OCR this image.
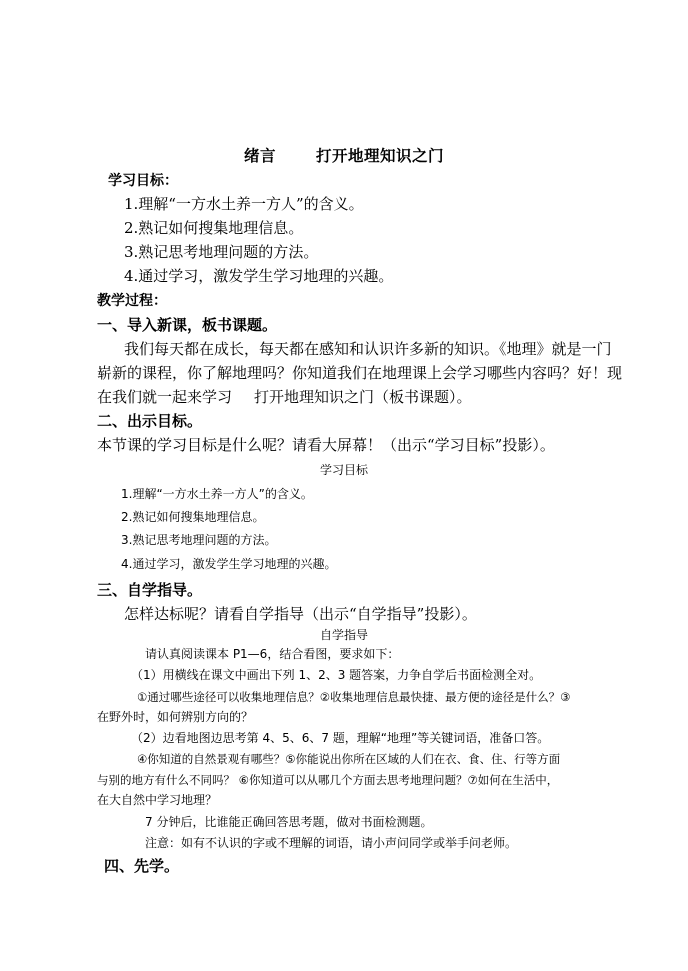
绪言	打开地理知识之门
学习目标：
1.理解“一方水土养一方人”的含义。
2.熟记如何搜集地理信息。
3.熟记思考地理问题的方法。
4.通过学习，激发学生学习地理的兴趣。
教学过程：
一、导入新课，板书课题。
我们每天都在成长，每天都在感知和认识许多新的知识。《地理》就是一门
崭新的课程，你了解地理吗？你知道我们在地理课上会学习哪些内容吗？好！现
在我们就一起来学习 打开地理知识之门（板书课题）。
二、出示目标。
本节课的学习目标是什么呢？请看大屏幕！（出示“学习目标”投影）。
学习目标
1.理解“一方水土养一方人”的含义。
2.熟记如何搜集地理信息。
3.熟记思考地理问题的方法。
4.通过学习，激发学生学习地理的兴趣。
三、自学指导。
怎样达标呢？请看自学指导（出示“自学指导”投影）。
自学指导
请认真阅读课本 P1—6，结合看图，要求如下：
（1）用横线在课文中画出下列 1、2、3 题答案，力争自学后书面检测全对。
①通过哪些途径可以收集地理信息？②收集地理信息最快捷、最方便的途径是什么？③
在野外时，如何辨别方向的？
（2）边看地图边思考第 4、5、6、7 题，理解“地理”等关键词语，准备口答。
④你知道的自然景观有哪些？⑤你能说出你所在区域的人们在衣、食、住、行等方面
与别的地方有什么不同吗？ ⑥你知道可以从哪几个方面去思考地理问题？⑦如何在生活中，
在大自然中学习地理？
7 分钟后，比谁能正确回答思考题，做对书面检测题。
注意：如有不认识的字或不理解的词语，请小声问同学或举手问老师。
四、先学。
